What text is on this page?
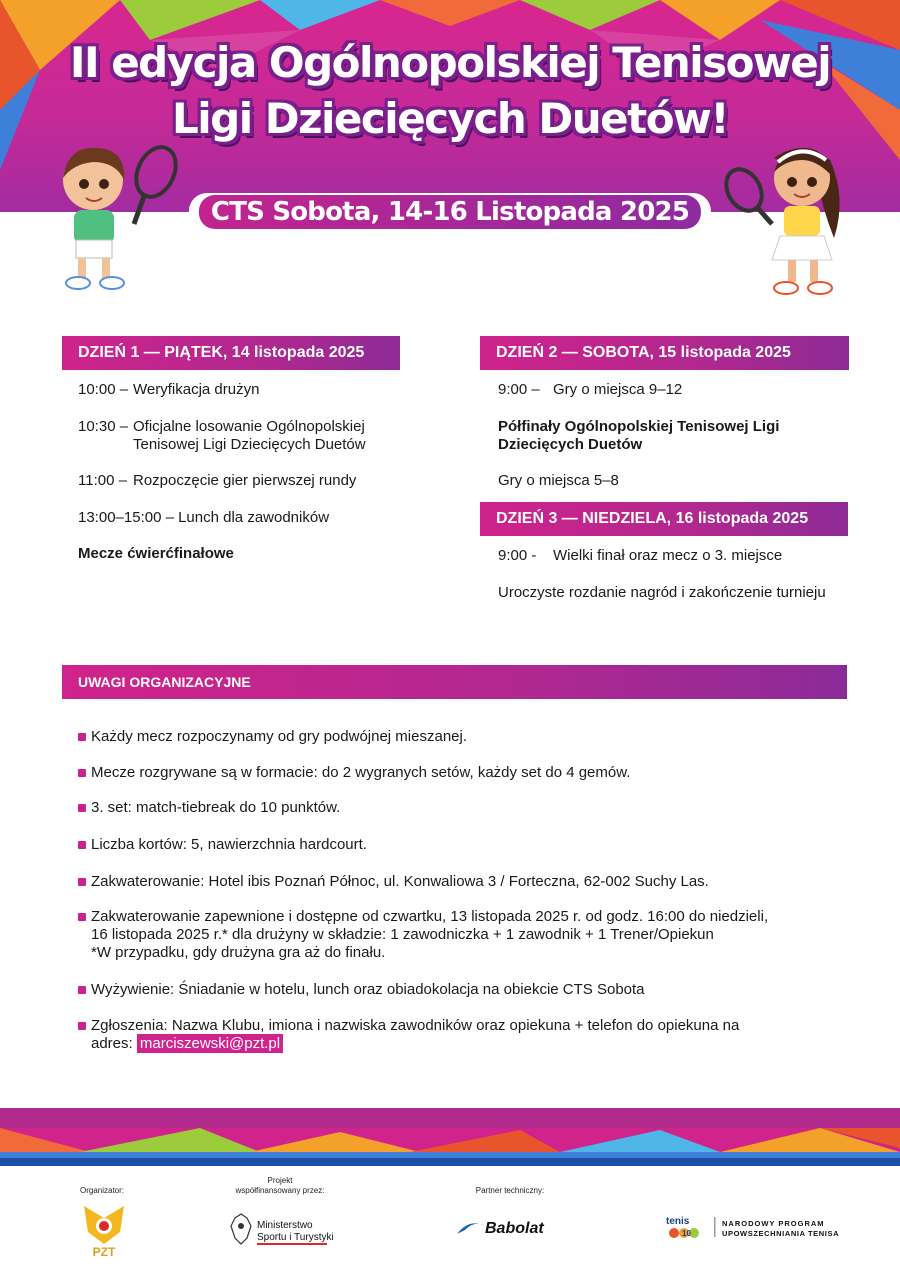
II edycja Ogólnopolskiej Tenisowej
Ligi Dziecięcych Duetów!
CTS Sobota, 14-16 Listopada 2025
DZIEŃ 1 — PIĄTEK, 14 listopada 2025
10:00 – Weryfikacja drużyn
10:30 – Oficjalne losowanie Ogólnopolskiej Tenisowej Ligi Dziecięcych Duetów
11:00 – Rozpoczęcie gier pierwszej rundy
13:00–15:00 – Lunch dla zawodników
Mecze ćwierćfinałowe
DZIEŃ 2 — SOBOTA, 15 listopada 2025
9:00 – Gry o miejsca 9–12
Półfinały Ogólnopolskiej Tenisowej Ligi Dziecięcych Duetów
Gry o miejsca 5–8
DZIEŃ 3 — NIEDZIELA, 16 listopada 2025
9:00 -	Wielki finał oraz mecz o 3. miejsce
Uroczyste rozdanie nagród i zakończenie turnieju
UWAGI ORGANIZACYJNE
Każdy mecz rozpoczynamy od gry podwójnej mieszanej.
Mecze rozgrywane są w formacie: do 2 wygranych setów, każdy set do 4 gemów.
3. set: match-tiebreak do 10 punktów.
Liczba kortów: 5, nawierzchnia hardcourt.
Zakwaterowanie: Hotel ibis Poznań Północ, ul. Konwaliowa 3 / Forteczna, 62-002 Suchy Las.
Zakwaterowanie zapewnione i dostępne od czwartku, 13 listopada 2025 r. od godz. 16:00 do niedzieli,
16 listopada 2025 r.* dla drużyny w składzie: 1 zawodniczka + 1 zawodnik + 1 Trener/Opiekun
*W przypadku, gdy drużyna gra aż do finału.
Wyżywienie: Śniadanie w hotelu, lunch oraz obiadokolacja na obiekcie CTS Sobota
Zgłoszenia: Nazwa Klubu, imiona i nazwiska zawodników oraz opiekuna + telefon do opiekuna na
adres: marciszewski@pzt.pl
Organizator:
Projekt
współfinansowany przez:	Partner techniczny:
PZT
Ministerstwo
Sportu i Turystyki
Babolat	tenis
10
NARODOWY PROGRAM
UPOWSZECHNIANIA TENISA
